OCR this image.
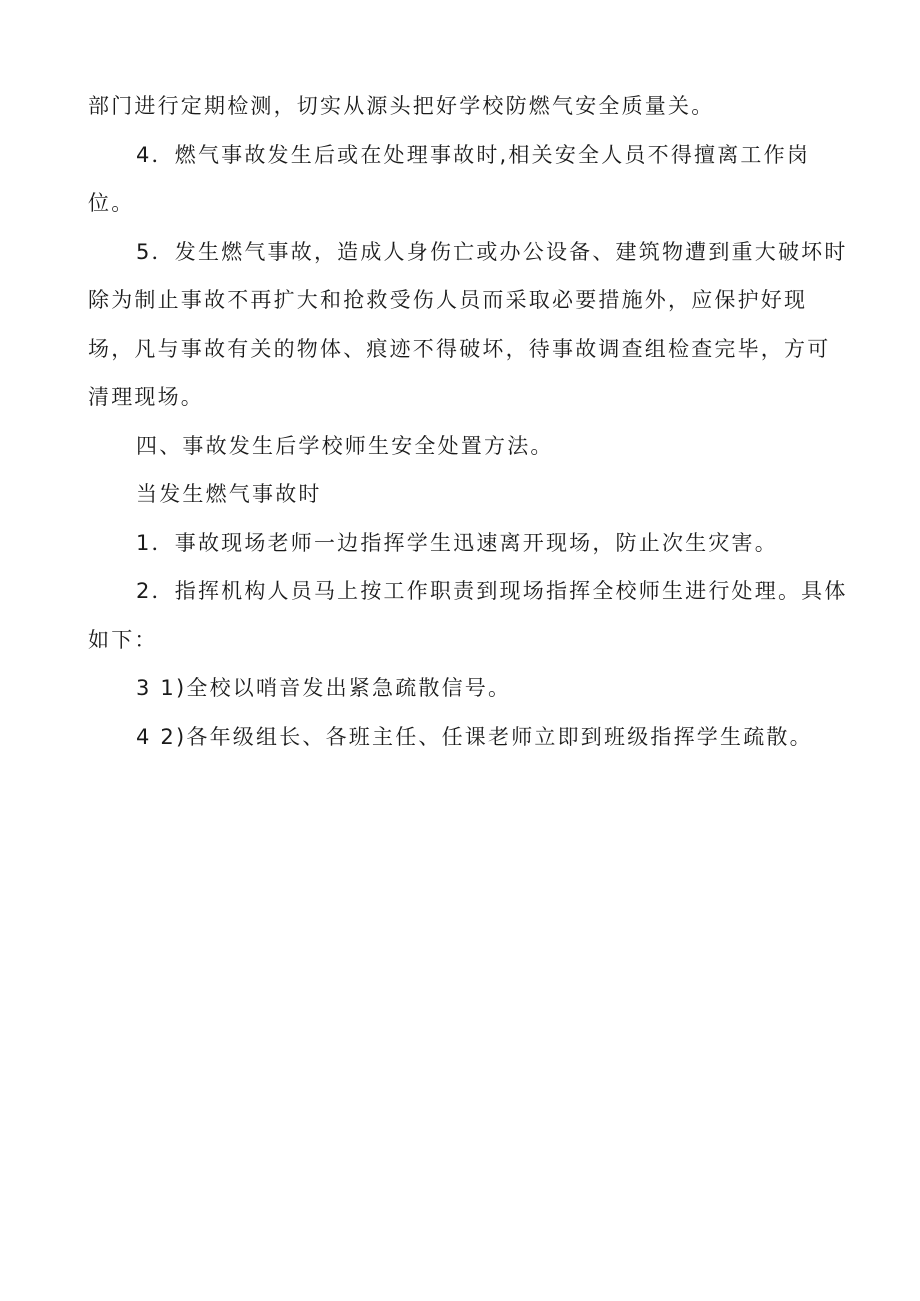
部门进行定期检测，切实从源头把好学校防燃气安全质量关。

4．燃气事故发生后或在处理事故时,相关安全人员不得擅离工作岗位。

5．发生燃气事故，造成人身伤亡或办公设备、建筑物遭到重大破坏时除为制止事故不再扩大和抢救受伤人员而采取必要措施外，应保护好现场，凡与事故有关的物体、痕迹不得破坏，待事故调查组检查完毕，方可清理现场。

四、事故发生后学校师生安全处置方法。

当发生燃气事故时

1．事故现场老师一边指挥学生迅速离开现场，防止次生灾害。

2．指挥机构人员马上按工作职责到现场指挥全校师生进行处理。具体如下：

3 1)全校以哨音发出紧急疏散信号。

4 2)各年级组长、各班主任、任课老师立即到班级指挥学生疏散。
